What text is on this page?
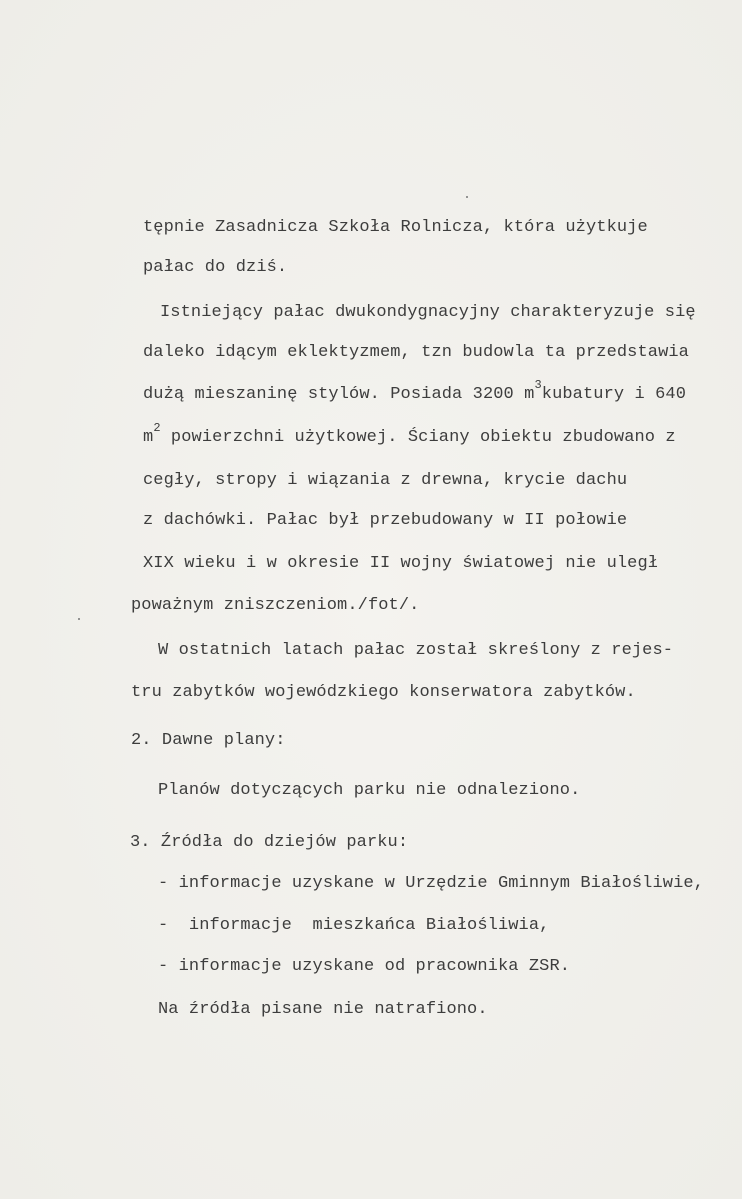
tępnie Zasadnicza Szkoła Rolnicza, która użytkuje
pałac do dziś.
Istniejący pałac dwukondygnacyjny charakteryzuje się
daleko idącym eklektyzmem, tzn budowla ta przedstawia
dużą mieszaninę stylów. Posiada 3200 $m^3kubatury$ i 640
$m^2$ powierzchni użytkowej. Ściany obiektu zbudowano z
cegły, stropy i wiązania z drewna, krycie dachu
z dachówki. Pałac był przebudowany w II połowie
XIX wieku i w okresie II wojny światowej nie uległ
poważnym zniszczeniom./fot/.
W ostatnich latach pałac został skreślony z rejes-
tru zabytków wojewódzkiego konserwatora zabytków.
2. Dawne plany:
Planów dotyczących parku nie odnaleziono.
3. Źródła do dziejów parku:
- informacje uzyskane w Urzędzie Gminnym Białośliwie,
-  informacje  mieszkańca Białośliwia,
- informacje uzyskane od pracownika ZSR.
Na źródła pisane nie natrafiono.
